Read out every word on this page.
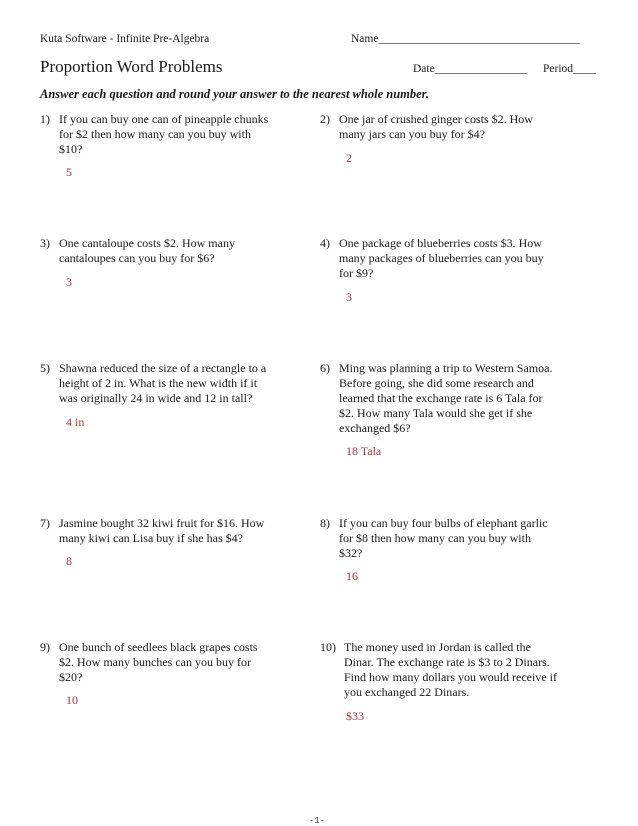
Kuta Software - Infinite Pre-Algebra	Name___________________________________
Proportion Word Problems	Date________________ Period____
Answer each question and round your answer to the nearest whole number.
1) If you can buy one can of pineapple chunks
for $2 then how many can you buy with
$10?
5
2) One jar of crushed ginger costs $2. How
many jars can you buy for $4?
2
3) One cantaloupe costs $2. How many
cantaloupes can you buy for $6?
3
4) One package of blueberries costs $3. How
many packages of blueberries can you buy
for $9?
3
5) Shawna reduced the size of a rectangle to a
height of 2 in. What is the new width if it
was originally 24 in wide and 12 in tall?
4 in
6) Ming was planning a trip to Western Samoa.
Before going, she did some research and
learned that the exchange rate is 6 Tala for
$2. How many Tala would she get if she
exchanged $6?
18 Tala
7) Jasmine bought 32 kiwi fruit for $16. How
many kiwi can Lisa buy if she has $4?
8
8) If you can buy four bulbs of elephant garlic
for $8 then how many can you buy with
$32?
16
9) One bunch of seedlees black grapes costs
$2. How many bunches can you buy for
$20?
10
10) The money used in Jordan is called the
Dinar. The exchange rate is $3 to 2 Dinars.
Find how many dollars you would receive if
you exchanged 22 Dinars.
$33
-1-
